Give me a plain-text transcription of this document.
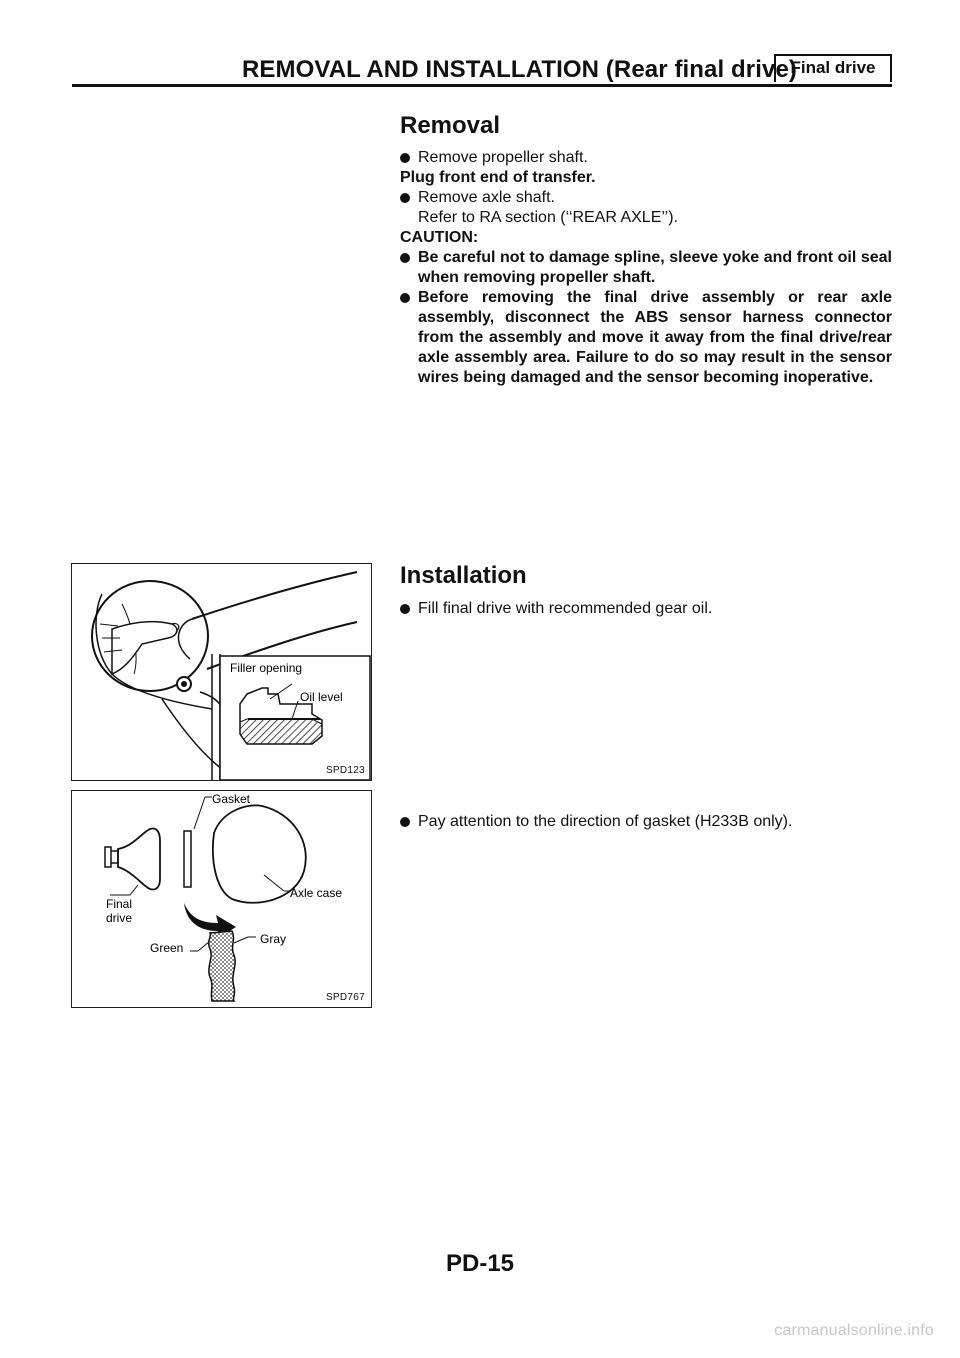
REMOVAL AND INSTALLATION (Rear final drive)
Final drive
Removal
Remove propeller shaft.
Plug front end of transfer.
Remove axle shaft.
Refer to RA section (‘‘REAR AXLE’’).
CAUTION:
Be careful not to damage spline, sleeve yoke and front oil seal when removing propeller shaft.
Before removing the final drive assembly or rear axle assembly, disconnect the ABS sensor harness connector from the assembly and move it away from the final drive/rear axle assembly area. Failure to do so may result in the sensor wires being damaged and the sensor becoming inoperative.
Installation
Fill final drive with recommended gear oil.
Pay attention to the direction of gasket (H233B only).
Filler opening
Oil level
SPD123
Final
drive
Gasket
Axle case
Green
Gray
SPD767
PD-15
carmanualsonline.info
